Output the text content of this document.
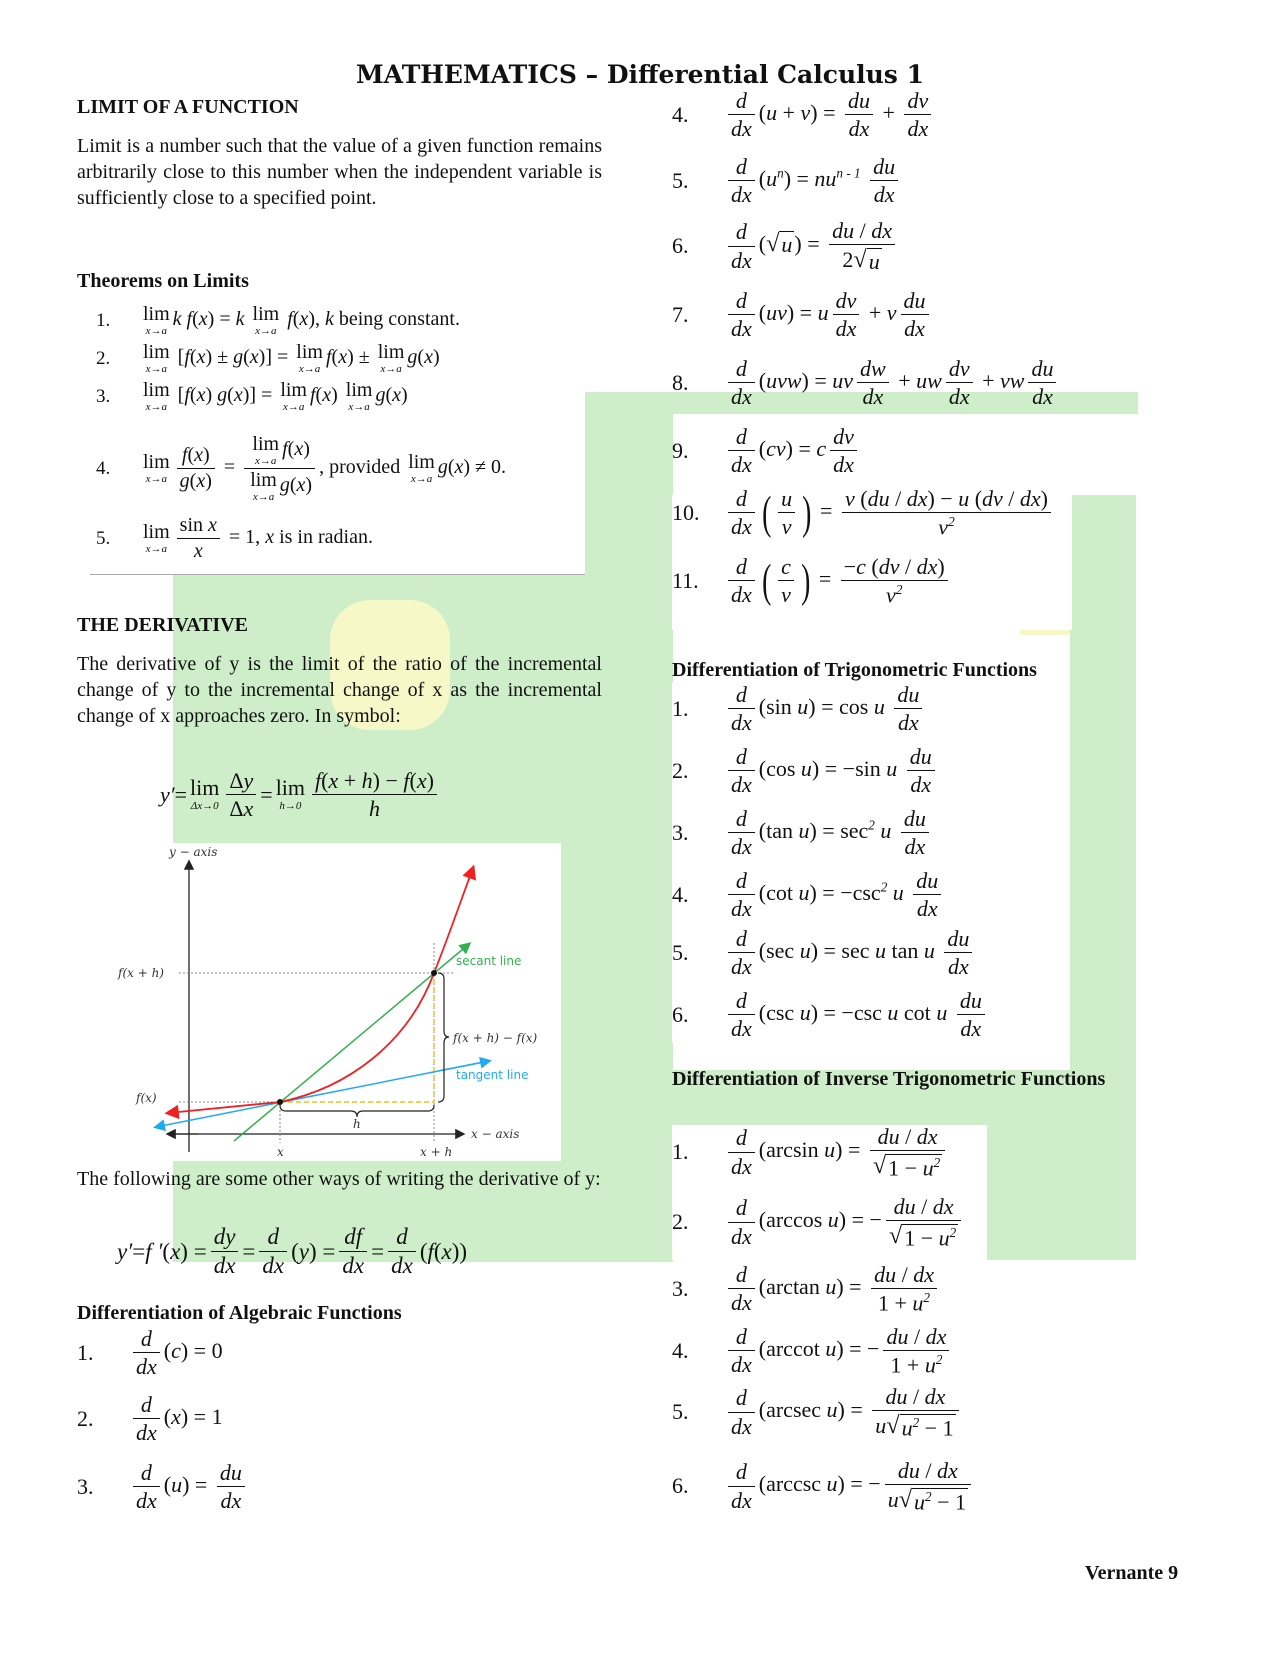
MATHEMATICS – Differential Calculus 1
LIMIT OF A FUNCTION
Limit is a number such that the value of a given function remains arbitrarily close to this number when the independent variable is sufficiently close to a specified point.
Theorems on Limits
1.	lim
x→a
k f(x) = k lim
x→a
f(x), k being constant.
2.	lim
x→a
[f(x) ± g(x)] = lim
x→a
f(x) ± lim
x→a
g(x)
3.	lim
x→a
[f(x) g(x)] = lim
x→a
f(x) lim
x→a
g(x)
4.	lim
$x\to a \frac{f(x)}{g(x)} = \lim$
x→a
f(x)
lim
x→a
g(x) , provided lim
x→a
g(x) ≠ 0.
5.	lim
$x\to a \frac{\text{sin x}}{x} = 1$, x is in radian.
THE DERIVATIVE
The derivative of y is the limit of the ratio of the incremental change of y to the incremental change of x as the incremental change of x approaches zero. In symbol:
y′ = lim
$\Delta x\to 0 \frac{\Delta y}{\Delta x} = \lim$
$h\to 0 \frac{f(x + h) - f(x)}{h}$
y − axis
x − axis
f(x + h)
f(x)
f(x + h) − f(x)
h
x	x + h
secant line
tangent line
The following are some other ways of writing the derivative of y:
y′ = f ′ ( x ) = $\frac{dy}{dx} = \frac{d}{dx}$ ( y ) = $\frac{df}{dx} = \frac{d}{dx}$ ( f ( x ))
Differentiation of Algebraic Functions
1.	$\frac{d}{dx} (c) = 0$
2.	$\frac{d}{dx} (x) = 1$
3.	$\frac{d}{dx} (u) = \frac{du}{dx}$
4.	$\frac{d}{dx} (u + v) = \frac{du}{dx} + \frac{dv}{dx}$
5.	$\frac{d}{dx} (u^n) = nu^{n - 1} \frac{du}{dx}$
6.	$\frac{d}{dx}$ ( √ u ) = $\frac{du / dx}{2 √ u}$
7.	$\frac{d}{dx} (uv) = u \frac{dv}{dx} + v \frac{du}{dx}$
8.	$\frac{d}{dx} (uvw)$ = uv $\frac{dw}{dx}$ + uw $\frac{dv}{dx}$ + vw $\frac{du}{dx}$
9.	$\frac{d}{dx} (cv) = c \frac{dv}{dx}$
10.	$\frac{d}{dx}$ ( $\frac{u}{v}$ ) = $\frac{v (du / dx) - u (dv / dx)}{v^2}$
11.	$\frac{d}{dx}$ ( $\frac{c}{v}$ ) = $\frac{-c (dv / dx)}{v^2}$
Differentiation of Trigonometric Functions
1.	$\frac{d}{dx} (\sin$ u) = cos u $\frac{du}{dx}$
2.	$\frac{d}{dx} (\cos$ u) = −sin u $\frac{du}{dx}$
3.	$\frac{d}{dx} (\tan$ $u) = \sec^2 u \frac{du}{dx}$
4.	$\frac{d}{dx} (\cot$ $u) = -\csc^2$ u $\frac{du}{dx}$
5.	$\frac{d}{dx} (\sec$ u) = sec u tan u $\frac{du}{dx}$
6.	$\frac{d}{dx} (\csc$ u) = −csc u cot u $\frac{du}{dx}$
Differentiation of Inverse Trigonometric Functions
1.	$\frac{d}{dx} (\arcsin$ $u) = \frac{du / dx}{√ 1 - u^2}$
2.	$\frac{d}{dx} (\arccos$ u) = − $\frac{du / dx}{√ 1 - u^2}$
3.	$\frac{d}{dx} (\arctan$ $u) = \frac{du / dx}{1 + u^2}$
4.	$\frac{d}{dx} (arccot$ u) = − $\frac{du / dx}{1 + u^2}$
5.	$\frac{d}{dx} (arcsec$ $u) = \frac{du / dx}{u √ u^2 - 1}$
6.	$\frac{d}{dx} (arccsc$ u) = − $\frac{du / dx}{u √ u^2 - 1}$
Vernante 9
